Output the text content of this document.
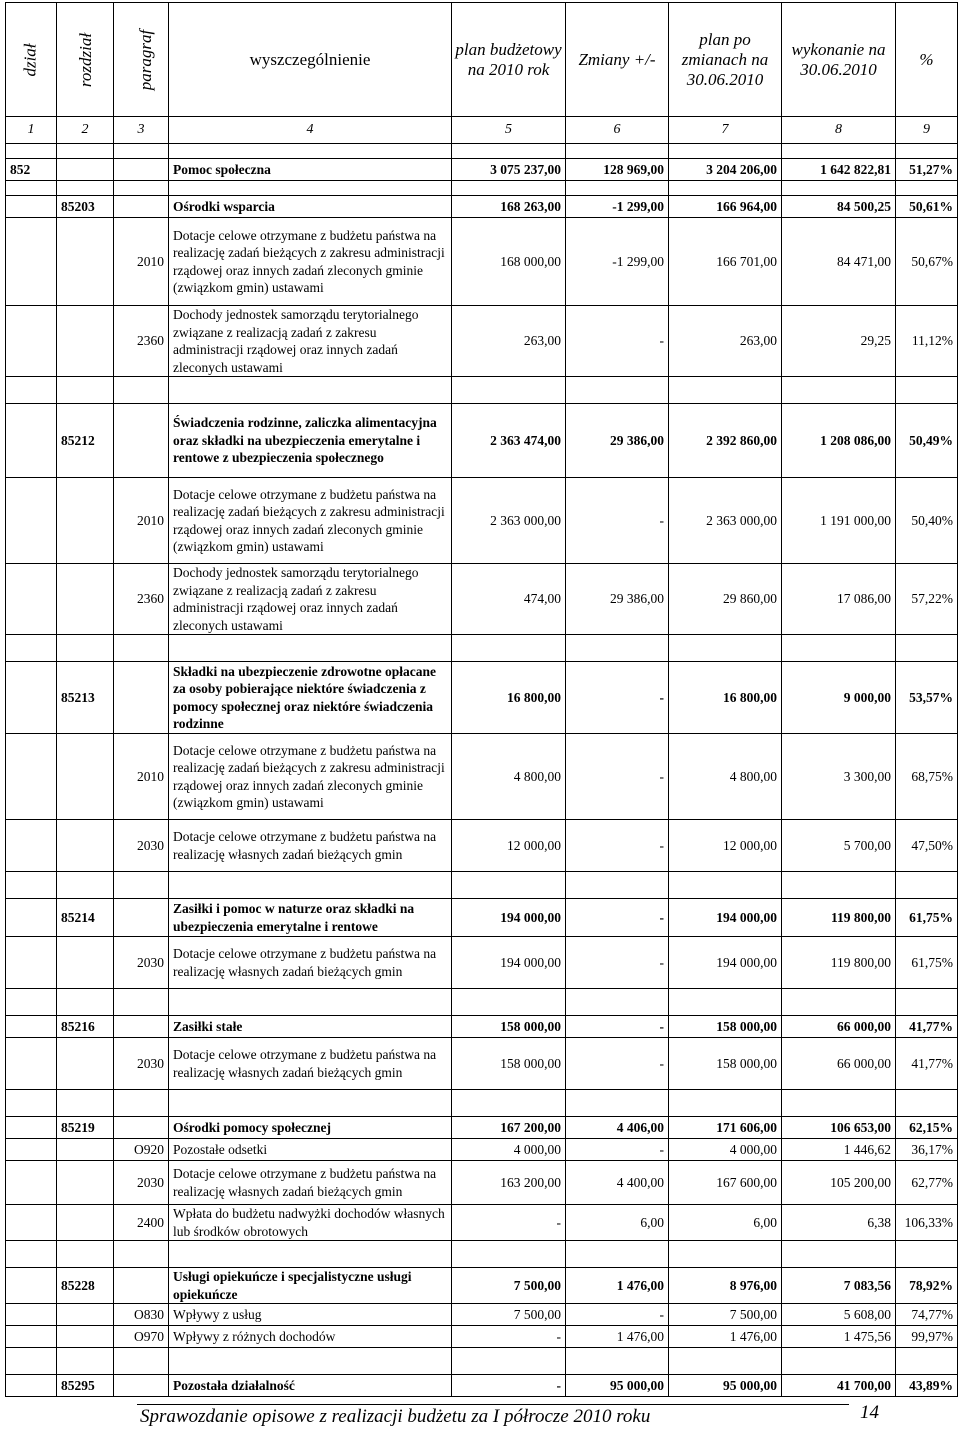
dział	rozdział	paragraf	wyszczególnienie	plan budżetowy na 2010 rok	Zmiany +/-	plan po zmianach na 30.06.2010	wykonanie na 30.06.2010	%
1	2	3	4	5	6	7	8	9

852			Pomoc społeczna	3 075 237,00	128 969,00	3 204 206,00	1 642 822,81	51,27%

	85203		Ośrodki wsparcia	168 263,00	-1 299,00	166 964,00	84 500,25	50,61%
		2010	Dotacje celowe otrzymane z budżetu państwa na realizację zadań bieżących z zakresu administracji rządowej oraz innych zadań zleconych gminie (związkom gmin) ustawami	168 000,00	-1 299,00	166 701,00	84 471,00	50,67%
		2360	Dochody jednostek samorządu terytorialnego związane z realizacją zadań z zakresu administracji rządowej oraz innych zadań zleconych ustawami	263,00	-	263,00	29,25	11,12%

	85212		Świadczenia rodzinne, zaliczka alimentacyjna oraz składki na ubezpieczenia emerytalne i rentowe z ubezpieczenia społecznego	2 363 474,00	29 386,00	2 392 860,00	1 208 086,00	50,49%
		2010	Dotacje celowe otrzymane z budżetu państwa na realizację zadań bieżących z zakresu administracji rządowej oraz innych zadań zleconych gminie (związkom gmin) ustawami	2 363 000,00	-	2 363 000,00	1 191 000,00	50,40%
		2360	Dochody jednostek samorządu terytorialnego związane z realizacją zadań z zakresu administracji rządowej oraz innych zadań zleconych ustawami	474,00	29 386,00	29 860,00	17 086,00	57,22%

	85213		Składki na ubezpieczenie zdrowotne opłacane za osoby pobierające niektóre świadczenia z pomocy społecznej oraz niektóre świadczenia rodzinne	16 800,00	-	16 800,00	9 000,00	53,57%
		2010	Dotacje celowe otrzymane z budżetu państwa na realizację zadań bieżących z zakresu administracji rządowej oraz innych zadań zleconych gminie (związkom gmin) ustawami	4 800,00	-	4 800,00	3 300,00	68,75%
		2030	Dotacje celowe otrzymane z budżetu państwa na realizację własnych zadań bieżących gmin	12 000,00	-	12 000,00	5 700,00	47,50%

	85214		Zasiłki i pomoc w naturze oraz składki na ubezpieczenia emerytalne i rentowe	194 000,00	-	194 000,00	119 800,00	61,75%
		2030	Dotacje celowe otrzymane z budżetu państwa na realizację własnych zadań bieżących gmin	194 000,00	-	194 000,00	119 800,00	61,75%

	85216		Zasiłki stałe	158 000,00	-	158 000,00	66 000,00	41,77%
		2030	Dotacje celowe otrzymane z budżetu państwa na realizację własnych zadań bieżących gmin	158 000,00	-	158 000,00	66 000,00	41,77%

	85219		Ośrodki pomocy społecznej	167 200,00	4 406,00	171 606,00	106 653,00	62,15%
		O920	Pozostałe odsetki	4 000,00	-	4 000,00	1 446,62	36,17%
		2030	Dotacje celowe otrzymane z budżetu państwa na realizację własnych zadań bieżących gmin	163 200,00	4 400,00	167 600,00	105 200,00	62,77%
		2400	Wpłata do budżetu nadwyżki dochodów własnych lub środków obrotowych	-	6,00	6,00	6,38	106,33%

	85228		Usługi opiekuńcze i specjalistyczne usługi opiekuńcze	7 500,00	1 476,00	8 976,00	7 083,56	78,92%
		O830	Wpływy z usług	7 500,00	-	7 500,00	5 608,00	74,77%
		O970	Wpływy z różnych dochodów	-	1 476,00	1 476,00	1 475,56	99,97%

	85295		Pozostała działalność	-	95 000,00	95 000,00	41 700,00	43,89%
Sprawozdanie opisowe z realizacji budżetu za I półrocze 2010 roku	14
